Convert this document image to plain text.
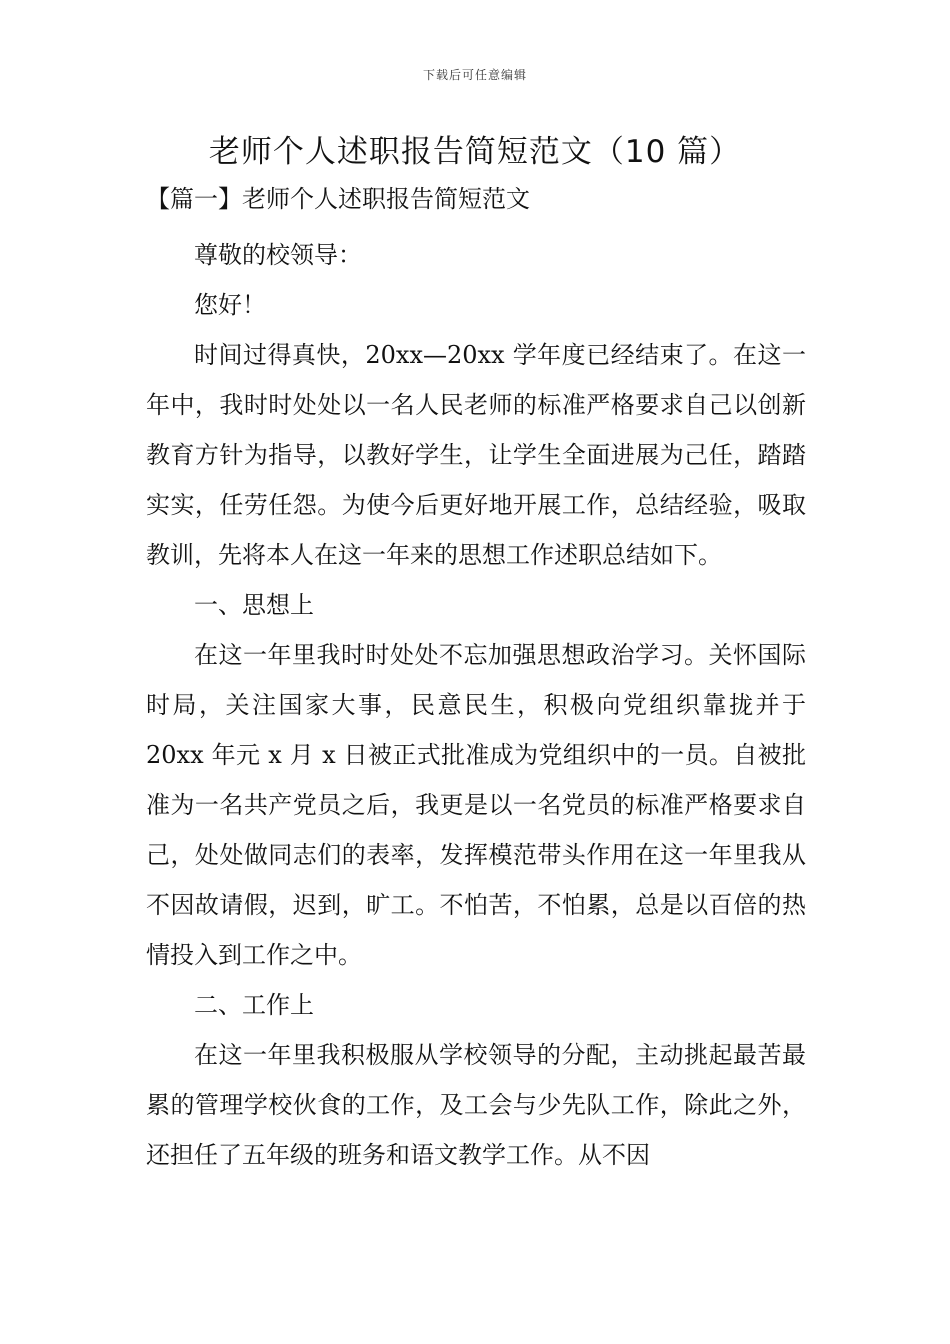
下载后可任意编辑
老师个人述职报告简短范文（10 篇）
【篇一】老师个人述职报告简短范文

尊敬的校领导：

您好！

时间过得真快，20xx—20xx 学年度已经结束了。在这一年中，我时时处处以一名人民老师的标准严格要求自己以创新教育方针为指导，以教好学生，让学生全面进展为己任，踏踏实实，任劳任怨。为使今后更好地开展工作，总结经验，吸取教训，先将本人在这一年来的思想工作述职总结如下。

一、思想上

在这一年里我时时处处不忘加强思想政治学习。关怀国际时局，关注国家大事，民意民生，积极向党组织靠拢并于 20xx 年元 x 月 x 日被正式批准成为党组织中的一员。自被批准为一名共产党员之后，我更是以一名党员的标准严格要求自己，处处做同志们的表率，发挥模范带头作用在这一年里我从不因故请假，迟到，旷工。不怕苦，不怕累，总是以百倍的热情投入到工作之中。

二、工作上

在这一年里我积极服从学校领导的分配，主动挑起最苦最累的管理学校伙食的工作，及工会与少先队工作，除此之外，还担任了五年级的班务和语文教学工作。从不因
